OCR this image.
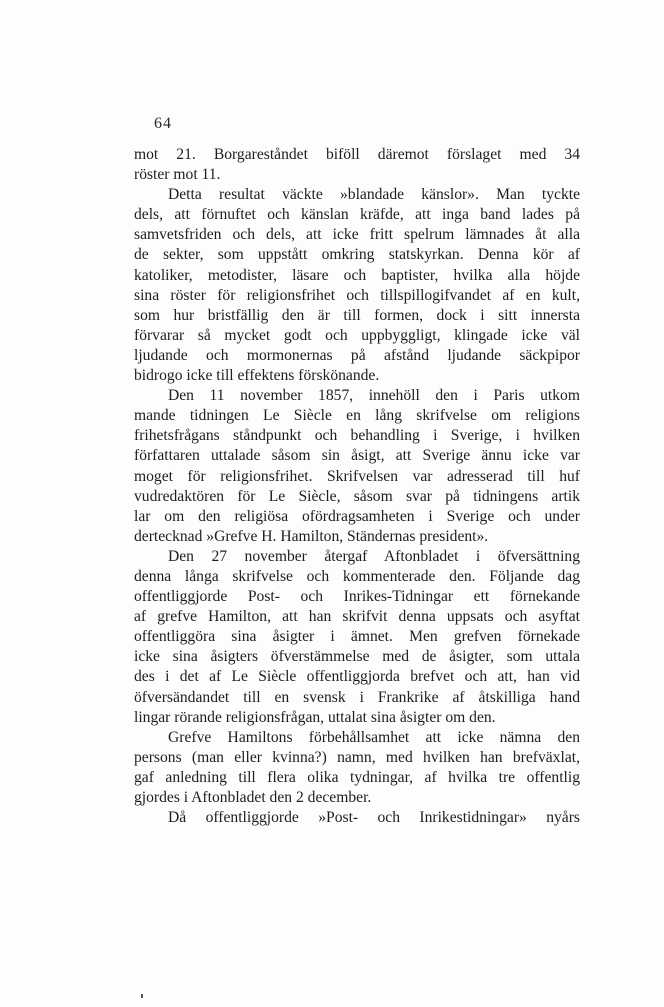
64
mot 21. Borgareståndet biföll däremot förslaget med 34
röster mot 11.
Detta resultat väckte »blandade känslor». Man tyckte
dels, att förnuftet och känslan kräfde, att inga band lades på
samvetsfriden och dels, att icke fritt spelrum lämnades åt alla
de sekter, som uppstått omkring statskyrkan. Denna kör af
katoliker, metodister, läsare och baptister, hvilka alla höjde
sina röster för religionsfrihet och tillspillogifvandet af en kult,
som hur bristfällig den är till formen, dock i sitt innersta
förvarar så mycket godt och uppbyggligt, klingade icke väl
ljudande och mormonernas på afstånd ljudande säckpipor
bidrogo icke till effektens förskönande.
Den 11 november 1857, innehöll den i Paris utkom
mande tidningen Le Siècle en lång skrifvelse om religions
frihetsfrågans ståndpunkt och behandling i Sverige, i hvilken
författaren uttalade såsom sin åsigt, att Sverige ännu icke var
moget för religionsfrihet. Skrifvelsen var adresserad till huf
vudredaktören för Le Siècle, såsom svar på tidningens artik
lar om den religiösa ofördragsamheten i Sverige och under
dertecknad »Grefve H. Hamilton, Ständernas president».
Den 27 november återgaf Aftonbladet i öfversättning
denna långa skrifvelse och kommenterade den. Följande dag
offentliggjorde Post- och Inrikes-Tidningar ett förnekande
af grefve Hamilton, att han skrifvit denna uppsats och asyftat
offentliggöra sina åsigter i ämnet. Men grefven förnekade
icke sina åsigters öfverstämmelse med de åsigter, som uttala
des i det af Le Siècle offentliggjorda brefvet och att, han vid
öfversändandet till en svensk i Frankrike af åtskilliga hand
lingar rörande religionsfrågan, uttalat sina åsigter om den.
Grefve Hamiltons förbehållsamhet att icke nämna den
persons (man eller kvinna?) namn, med hvilken han brefväxlat,
gaf anledning till flera olika tydningar, af hvilka tre offentlig
gjordes i Aftonbladet den 2 december.
Då offentliggjorde »Post- och Inrikestidningar» nyårs
